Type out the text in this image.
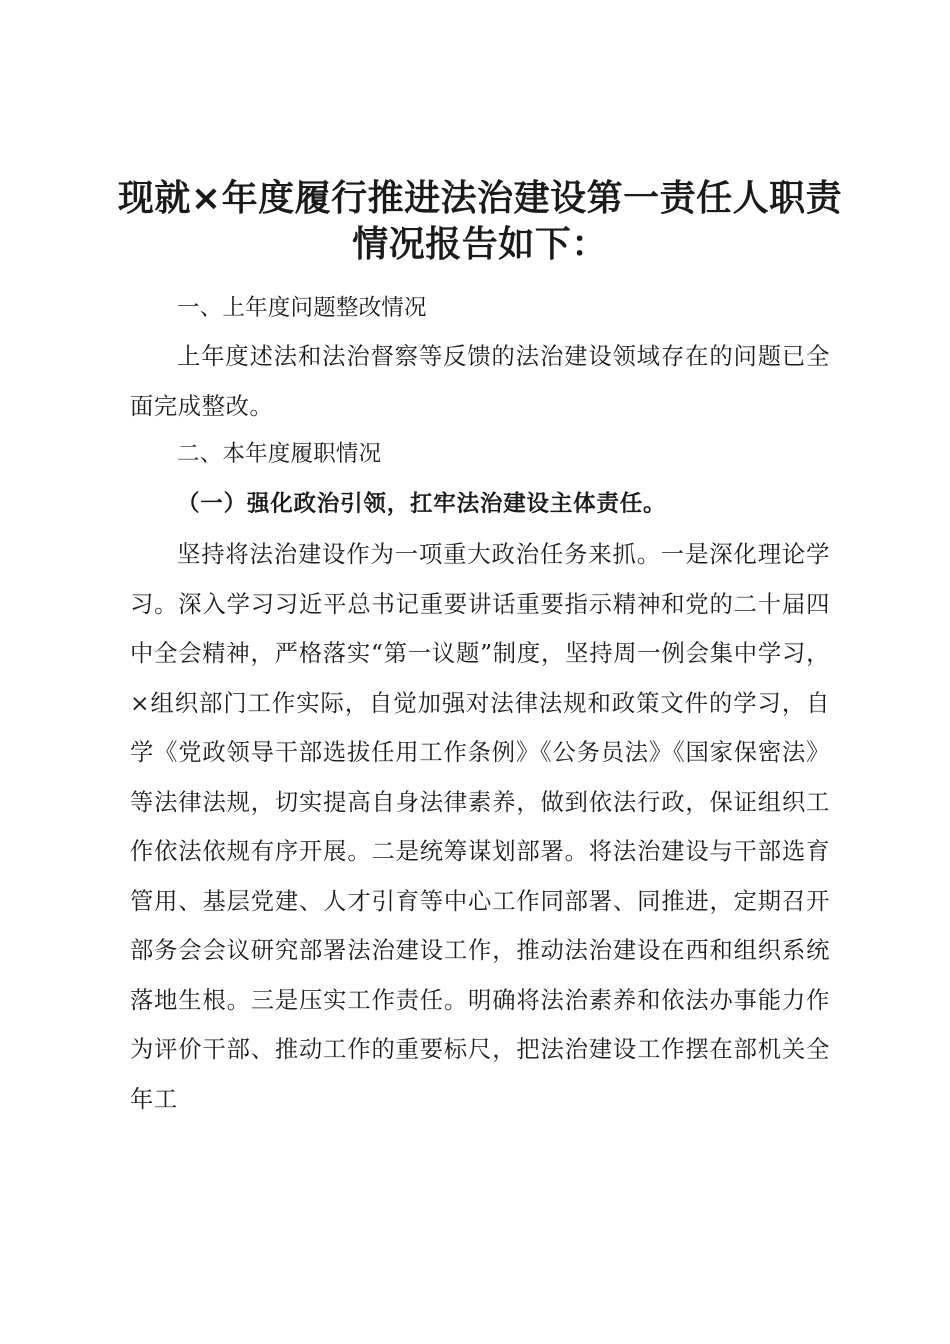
现就×年度履行推进法治建设第一责任人职责情况报告如下：

一、上年度问题整改情况

上年度述法和法治督察等反馈的法治建设领域存在的问题已全面完成整改。

二、本年度履职情况

（一）强化政治引领，扛牢法治建设主体责任。

坚持将法治建设作为一项重大政治任务来抓。一是深化理论学习。深入学习习近平总书记重要讲话重要指示精神和党的二十届四中全会精神，严格落实“第一议题”制度，坚持周一例会集中学习，×组织部门工作实际，自觉加强对法律法规和政策文件的学习，自学《党政领导干部选拔任用工作条例》《公务员法》《国家保密法》等法律法规，切实提高自身法律素养，做到依法行政，保证组织工作依法依规有序开展。二是统筹谋划部署。将法治建设与干部选育管用、基层党建、人才引育等中心工作同部署、同推进，定期召开部务会会议研究部署法治建设工作，推动法治建设在西和组织系统落地生根。三是压实工作责任。明确将法治素养和依法办事能力作为评价干部、推动工作的重要标尺，把法治建设工作摆在部机关全年工
